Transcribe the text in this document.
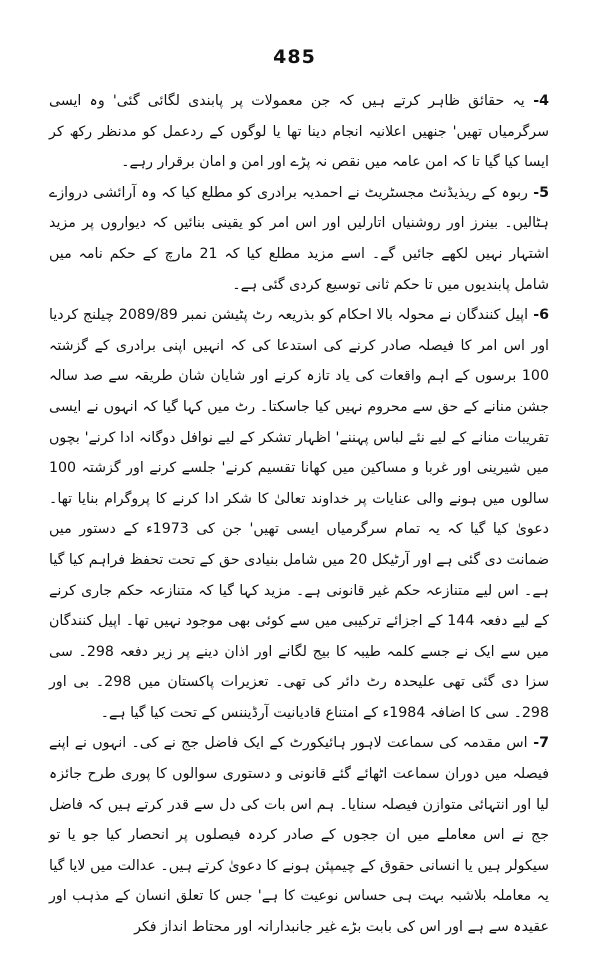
485

4- یہ حقائق ظاہر کرتے ہیں کہ جن معمولات پر پابندی لگائی گئی' وہ ایسی سرگرمیاں تھیں' جنھیں اعلانیہ انجام دینا تھا یا لوگوں کے ردعمل کو مدنظر رکھ کر ایسا کیا گیا تا کہ امن عامہ میں نقص نہ پڑے اور امن و امان برقرار رہے۔

5- ربوہ کے ریذیڈنٹ مجسٹریٹ نے احمدیہ برادری کو مطلع کیا کہ وہ آرائشی دروازے ہٹالیں۔ بینرز اور روشنیاں اتارلیں اور اس امر کو یقینی بنائیں کہ دیواروں پر مزید اشتہار نہیں لکھے جائیں گے۔ اسے مزید مطلع کیا کہ 21 مارچ کے حکم نامہ میں شامل پابندیوں میں تا حکم ثانی توسیع کردی گئی ہے۔

6- اپیل کنندگان نے محولہ بالا احکام کو بذریعہ رٹ پٹیشن نمبر 2089/89 چیلنج کردیا اور اس امر کا فیصلہ صادر کرنے کی استدعا کی کہ انہیں اپنی برادری کے گزشتہ 100 برسوں کے اہم واقعات کی یاد تازہ کرنے اور شایان شان طریقہ سے صد سالہ جشن منانے کے حق سے محروم نہیں کیا جاسکتا۔ رٹ میں کہا گیا کہ انہوں نے ایسی تقریبات منانے کے لیے نئے لباس پہننے' اظہار تشکر کے لیے نوافل دوگانہ ادا کرنے' بچوں میں شیرینی اور غربا و مساکین میں کھانا تقسیم کرنے' جلسے کرنے اور گزشتہ 100 سالوں میں ہونے والی عنایات پر خداوند تعالیٰ کا شکر ادا کرنے کا پروگرام بنایا تھا۔ دعویٰ کیا گیا کہ یہ تمام سرگرمیاں ایسی تھیں' جن کی 1973ء کے دستور میں ضمانت دی گئی ہے اور آرٹیکل 20 میں شامل بنیادی حق کے تحت تحفظ فراہم کیا گیا ہے۔ اس لیے متنازعہ حکم غیر قانونی ہے۔ مزید کہا گیا کہ متنازعہ حکم جاری کرنے کے لیے دفعہ 144 کے اجزائے ترکیبی میں سے کوئی بھی موجود نہیں تھا۔ اپیل کنندگان میں سے ایک نے جسے کلمہ طیبہ کا بیج لگانے اور اذان دینے پر زیر دفعہ 298۔ سی سزا دی گئی تھی علیحدہ رٹ دائر کی تھی۔ تعزیرات پاکستان میں 298۔ بی اور 298۔ سی کا اضافہ 1984ء کے امتناع قادیانیت آرڈیننس کے تحت کیا گیا ہے۔

7- اس مقدمہ کی سماعت لاہور ہائیکورٹ کے ایک فاضل جج نے کی۔ انہوں نے اپنے فیصلہ میں دوران سماعت اٹھائے گئے قانونی و دستوری سوالوں کا پوری طرح جائزہ لیا اور انتہائی متوازن فیصلہ سنایا۔ ہم اس بات کی دل سے قدر کرتے ہیں کہ فاضل جج نے اس معاملے میں ان ججوں کے صادر کردہ فیصلوں پر انحصار کیا جو یا تو سیکولر ہیں یا انسانی حقوق کے چیمپئن ہونے کا دعویٰ کرتے ہیں۔ عدالت میں لایا گیا یہ معاملہ بلاشبہ بہت ہی حساس نوعیت کا ہے' جس کا تعلق انسان کے مذہب اور عقیدہ سے ہے اور اس کی بابت بڑے غیر جانبدارانہ اور محتاط انداز فکر
